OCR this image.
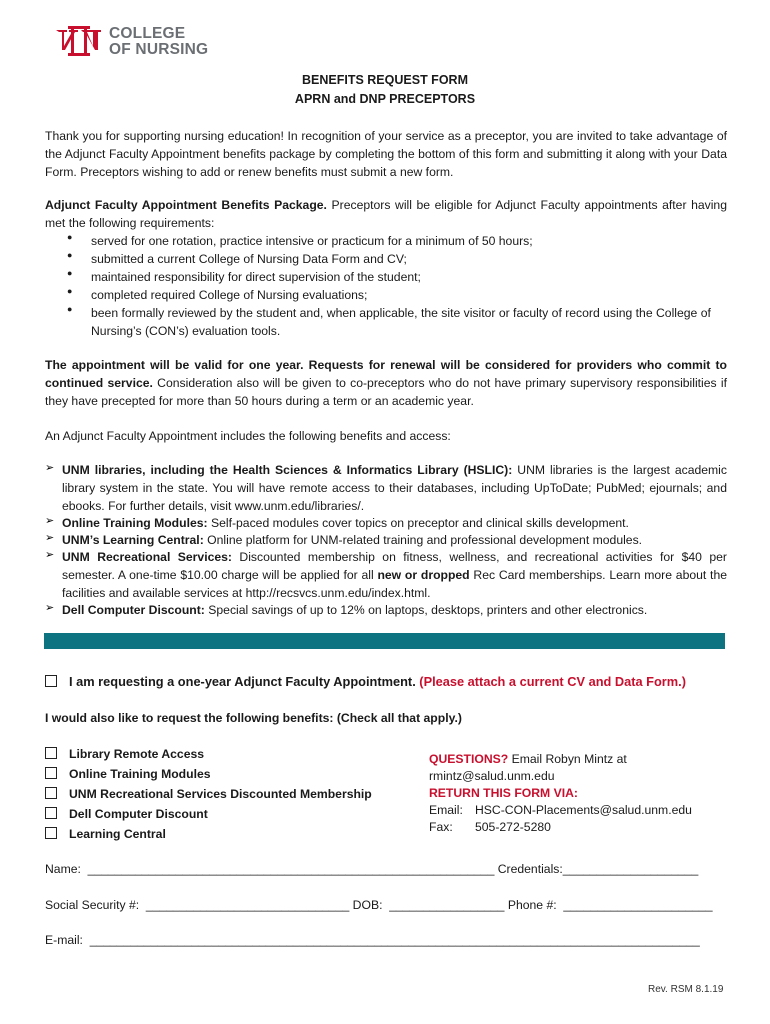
COLLEGE
OF NURSING
BENEFITS REQUEST FORM
APRN and DNP PRECEPTORS
Thank you for supporting nursing education! In recognition of your service as a preceptor, you are invited to take advantage of the Adjunct Faculty Appointment benefits package by completing the bottom of this form and submitting it along with your Data Form. Preceptors wishing to add or renew benefits must submit a new form.
Adjunct Faculty Appointment Benefits Package. Preceptors will be eligible for Adjunct Faculty appointments after having met the following requirements:
● served for one rotation, practice intensive or practicum for a minimum of 50 hours;
● submitted a current College of Nursing Data Form and CV;
● maintained responsibility for direct supervision of the student;
● completed required College of Nursing evaluations;
● been formally reviewed by the student and, when applicable, the site visitor or faculty of record using the College of Nursing’s (CON’s) evaluation tools.
The appointment will be valid for one year. Requests for renewal will be considered for providers who commit to continued service. Consideration also will be given to co-preceptors who do not have primary supervisory responsibilities if they have precepted for more than 50 hours during a term or an academic year.
An Adjunct Faculty Appointment includes the following benefits and access:
➢ UNM libraries, including the Health Sciences & Informatics Library (HSLIC): UNM libraries is the largest academic library system in the state. You will have remote access to their databases, including UpToDate; PubMed; ejournals; and ebooks. For further details, visit www.unm.edu/libraries/.
➢ Online Training Modules: Self-paced modules cover topics on preceptor and clinical skills development.
➢ UNM’s Learning Central: Online platform for UNM-related training and professional development modules.
➢ UNM Recreational Services: Discounted membership on fitness, wellness, and recreational activities for $40 per semester. A one-time $10.00 charge will be applied for all new or dropped Rec Card memberships. Learn more about the facilities and available services at http://recsvcs.unm.edu/index.html.
➢ Dell Computer Discount: Special savings of up to 12% on laptops, desktops, printers and other electronics.
I am requesting a one-year Adjunct Faculty Appointment. (Please attach a current CV and Data Form.)
I would also like to request the following benefits: (Check all that apply.)
Library Remote Access
Online Training Modules
UNM Recreational Services Discounted Membership
Dell Computer Discount
Learning Central
QUESTIONS? Email Robyn Mintz at
rmintz@salud.unm.edu
RETURN THIS FORM VIA:
Email: HSC-CON-Placements@salud.unm.edu
Fax: 505-272-5280
Name:  ____________________________________________________________ Credentials:____________________
Social Security #:  ______________________________ DOB:  _________________ Phone #:  ______________________
E-mail:  __________________________________________________________________________________________
Rev. RSM 8.1.19
